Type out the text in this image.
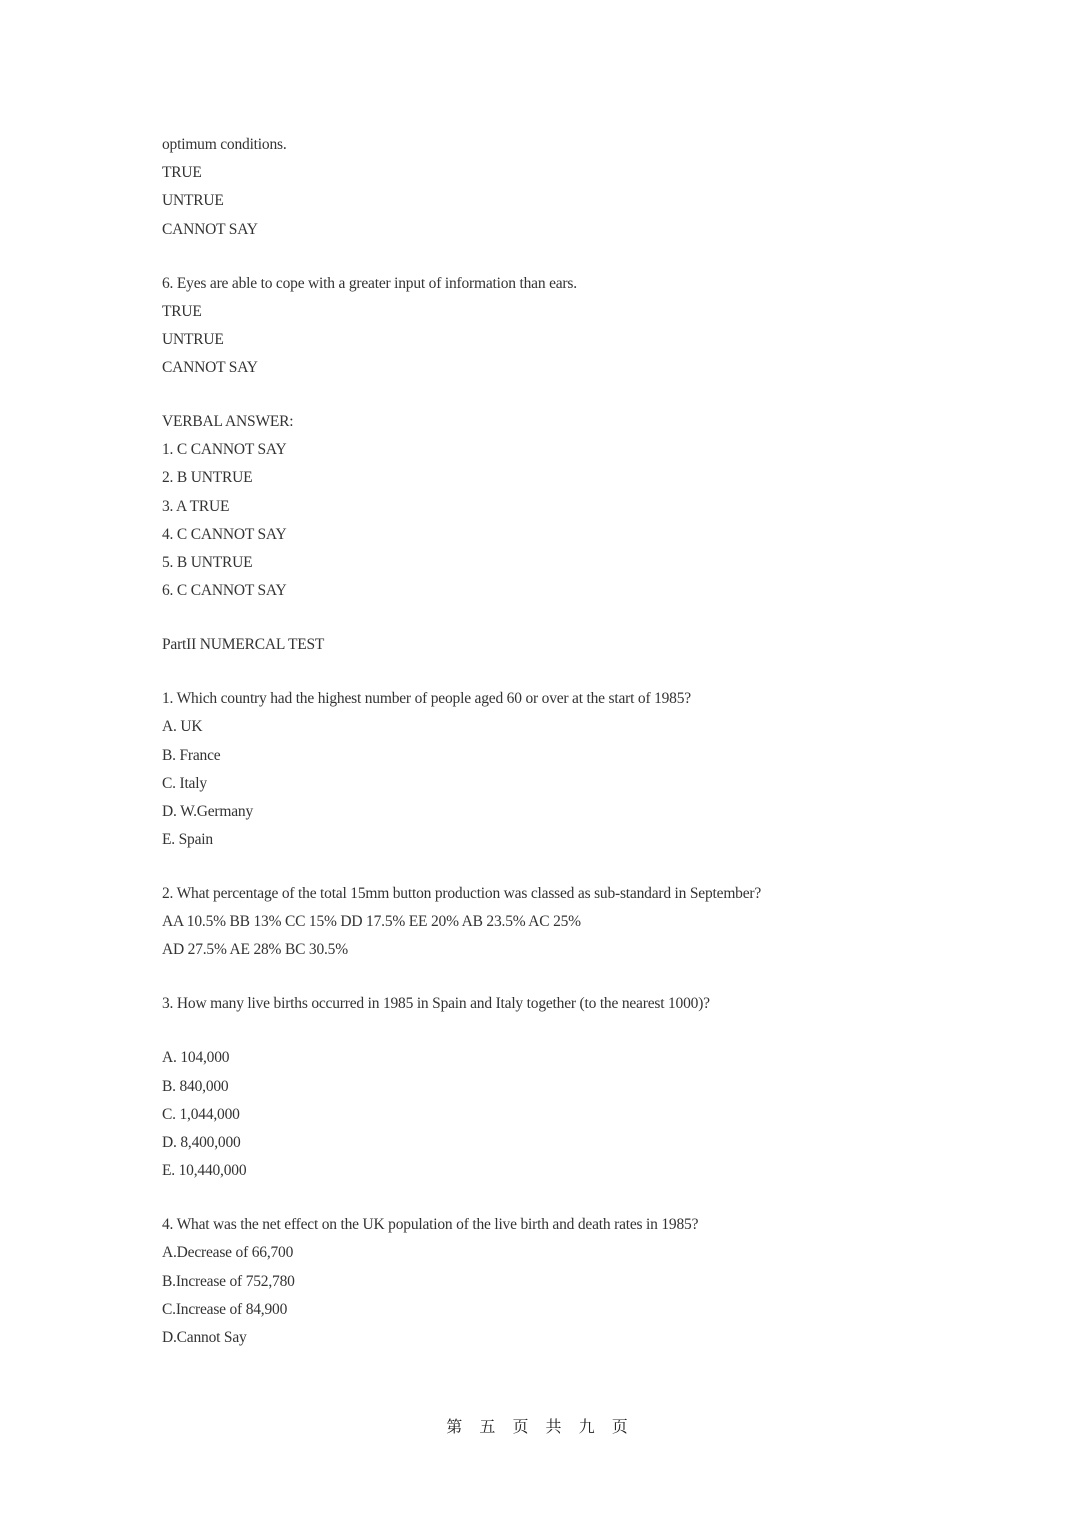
optimum conditions.
TRUE
UNTRUE
CANNOT SAY
6. Eyes are able to cope with a greater input of information than ears.
TRUE
UNTRUE
CANNOT SAY
VERBAL ANSWER:
1. C CANNOT SAY
2. B UNTRUE
3. A TRUE
4. C CANNOT SAY
5. B UNTRUE
6. C CANNOT SAY
PartII NUMERCAL TEST
1. Which country had the highest number of people aged 60 or over at the start of 1985?
A. UK
B. France
C. Italy
D. W.Germany
E. Spain
2. What percentage of the total 15mm button production was classed as sub-standard in September?
AA 10.5% BB 13% CC 15% DD 17.5% EE 20% AB 23.5% AC 25%
AD 27.5% AE 28% BC 30.5%
3. How many live births occurred in 1985 in Spain and Italy together (to the nearest 1000)?
A. 104,000
B. 840,000
C. 1,044,000
D. 8,400,000
E. 10,440,000
4. What was the net effect on the UK population of the live birth and death rates in 1985?
A.Decrease of 66,700
B.Increase of 752,780
C.Increase of 84,900
D.Cannot Say
第 五 页 共 九 页
